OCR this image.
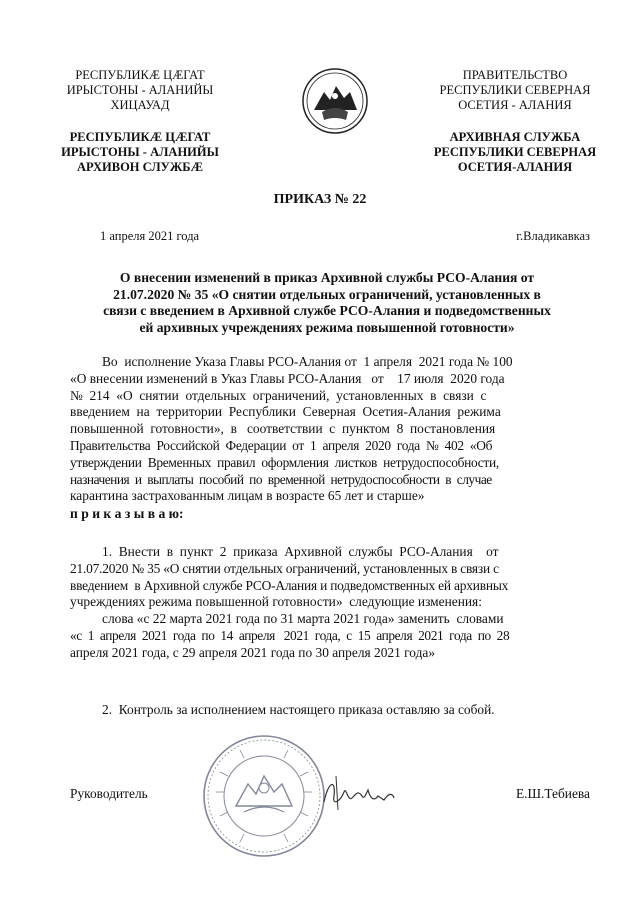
РЕСПУБЛИКӔ ЦӔГАТ
ИРЫСТОНЫ - АЛАНИЙЫ
ХИЦАУАД
РЕСПУБЛИКӔ ЦӔГАТ
ИРЫСТОНЫ - АЛАНИЙЫ
АРХИВОН СЛУЖБӔ
ПРАВИТЕЛЬСТВО
РЕСПУБЛИКИ СЕВЕРНАЯ
ОСЕТИЯ - АЛАНИЯ
АРХИВНАЯ СЛУЖБА
РЕСПУБЛИКИ СЕВЕРНАЯ
ОСЕТИЯ-АЛАНИЯ
ПРИКАЗ № 22
1 апреля 2021 года	г.Владикавказ
О внесении изменений в приказ Архивной службы РСО-Алания от
21.07.2020 № 35 «О снятии отдельных ограничений, установленных в
связи с введением в Архивной службе РСО-Алания и подведомственных
ей архивных учреждениях режима повышенной готовности»
Во  исполнение Указа Главы РСО-Алания от  1 апреля  2021 года № 100
«О внесении изменений в Указ Главы РСО-Алания   от    17 июля  2020 года
№  214  «О  снятии  отдельных  ограничений,  установленных  в  связи  с
введением  на  территории  Республики  Северная  Осетия-Алания  режима
повышенной  готовности»,  в   соответствии  с  пунктом  8  постановления
Правительства  Российской  Федерации  от  1  апреля  2020  года  №  402  «Об
утверждении  Временных  правил  оформления  листков  нетрудоспособности,
назначения  и  выплаты  пособий  по  временной  нетрудоспособности  в  случае
карантина застрахованным лицам в возрасте 65 лет и старше»
п р и к а з ы в а ю:
1.  Внести  в  пункт  2  приказа  Архивной  службы  РСО-Алания    от
21.07.2020 № 35 «О снятии отдельных ограничений, установленных в связи с
введением  в Архивной службе РСО-Алания и подведомственных ей архивных
учреждениях режима повышенной готовности»  следующие изменения:
слова «с 22 марта 2021 года по 31 марта 2021 года» заменить  словами
«с  1  апреля  2021  года  по  14  апреля   2021  года,  с  15  апреля  2021  года  по  28
апреля 2021 года, с 29 апреля 2021 года по 30 апреля 2021 года»
2.  Контроль за исполнением настоящего приказа оставляю за собой.
Руководитель	Е.Ш.Тебиева
